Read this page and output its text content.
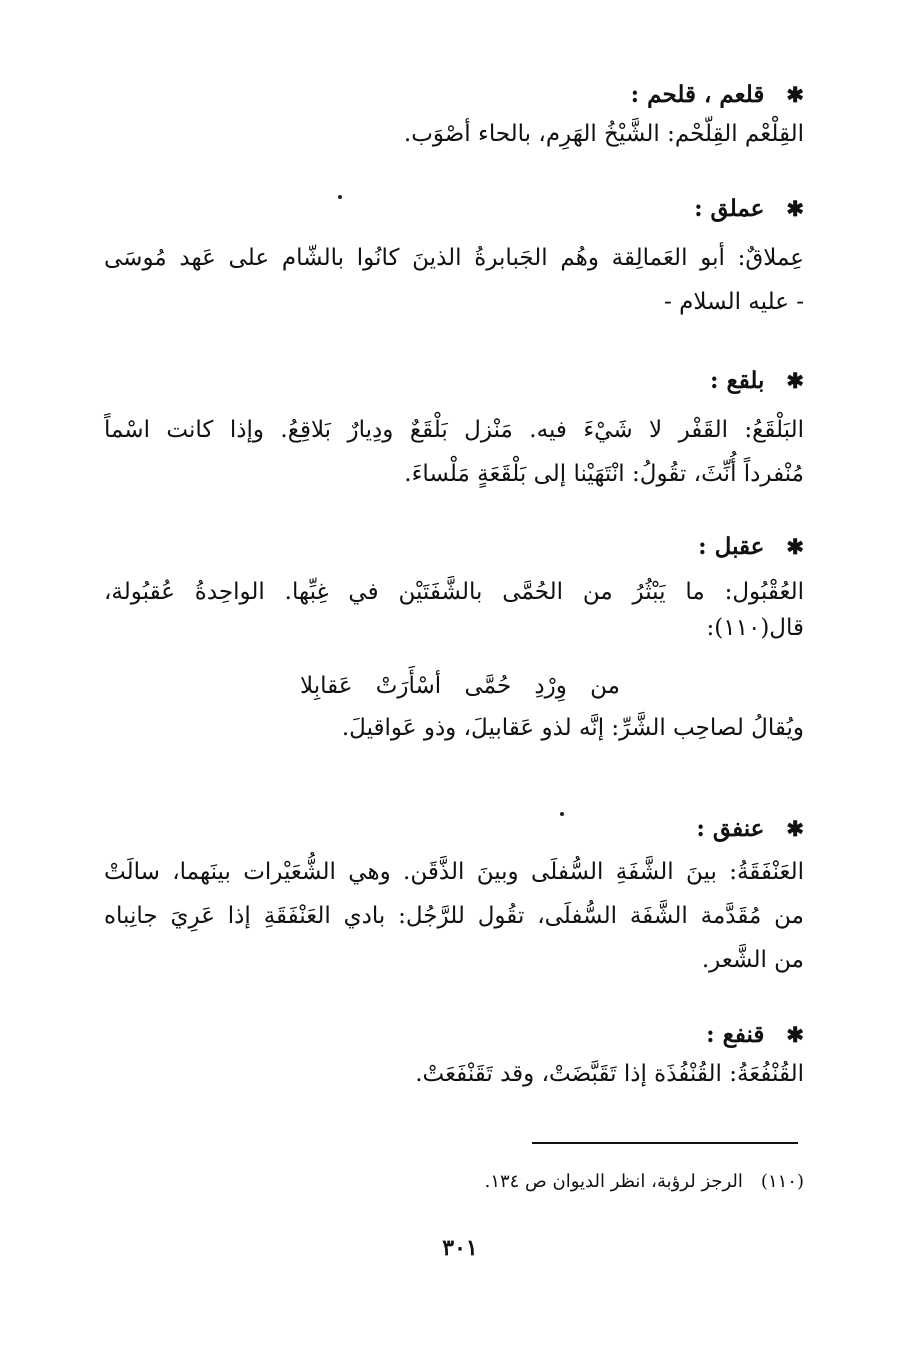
✱قلعم ، قلحم :
القِلْعْم القِلّحْم: الشَّيْخُ الهَرِم، بالحاء أصْوَب.
✱عملق :
عِملاقٌ: أبو العَمالِقة وهُم الجَبابرةُ الذينَ كانُوا بالشّام على عَهد مُوسَى
- عليه السلام -
✱بلقع :
البَلْقَعُ: القَفْر لا شَيْءَ فيه. مَنْزل بَلْقَعٌ ودِيارٌ بَلاقِعُ. وإذا كانت اسْماً
مُنْفرداً أُنِّثَ، تقُولُ: انْتَهَيْنا إلى بَلْقَعَةٍ مَلْساءَ.
✱عقبل :
العُقْبُول: ما يَبْثُرُ من الحُمَّى بالشَّفَتَيْن في غِبِّها. الواحِدةُ عُقبُولة،
قال(١١٠):
من وِرْدِ حُمَّى أسْأَرَتْ عَقابِلا
ويُقالُ لصاحِب الشَّرِّ: إنَّه لذو عَقابيلَ، وذو عَواقيلَ.
✱عنفق :
العَنْفَقَةُ: بينَ الشَّفَةِ السُّفلَى وبينَ الذَّقَن. وهي الشُّعَيْرات بينَهما، سالَتْ
من مُقَدَّمة الشَّفَة السُّفلَى، تقُول للرَّجُل: بادي العَنْفَقَةِ إذا عَرِيَ جانِباه
من الشَّعر.
✱قنفع :
القُنْفُعَةُ: القُنْفُذَة إذا تَقَبَّضَتْ، وقد تَقَنْفَعَتْ.
(١١٠)الرجز لرؤبة، انظر الديوان ص ١٣٤.
٣٠١
